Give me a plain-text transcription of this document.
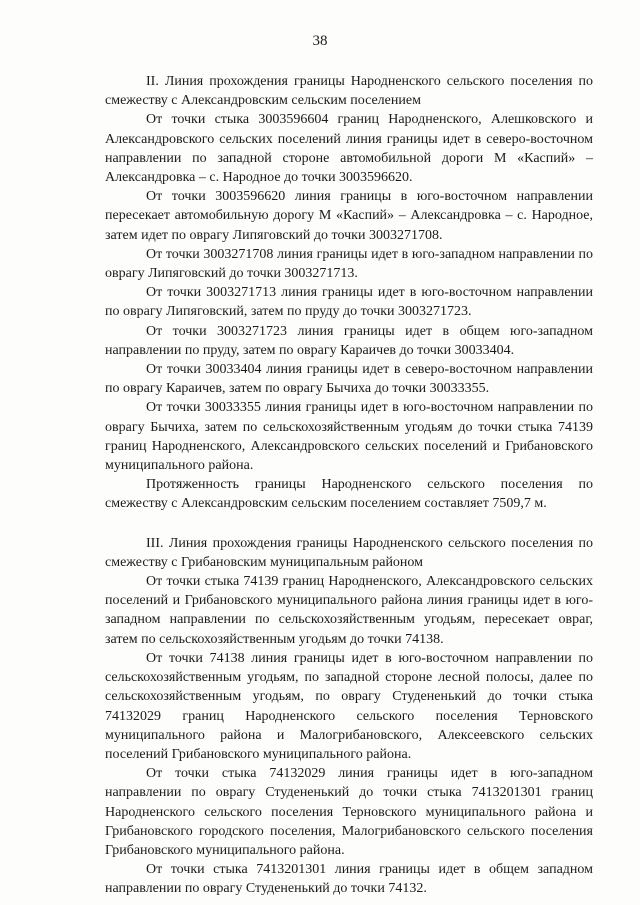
38

II. Линия прохождения границы Народненского сельского поселения по смежеству с Александровским сельским поселением

От точки стыка 3003596604 границ Народненского, Алешковского и Александровского сельских поселений линия границы идет в северо-восточном направлении по западной стороне автомобильной дороги М «Каспий» – Александровка – с. Народное до точки 3003596620.

От точки 3003596620 линия границы в юго-восточном направлении пересекает автомобильную дорогу М «Каспий» – Александровка – с. Народное, затем идет по оврагу Липяговский до точки 3003271708.

От точки 3003271708 линия границы идет в юго-западном направлении по оврагу Липяговский до точки 3003271713.

От точки 3003271713 линия границы идет в юго-восточном направлении по оврагу Липяговский, затем по пруду до точки 3003271723.

От точки 3003271723 линия границы идет в общем юго-западном направлении по пруду, затем по оврагу Караичев до точки 30033404.

От точки 30033404 линия границы идет в северо-восточном направлении по оврагу Караичев, затем по оврагу Бычиха до точки 30033355.

От точки 30033355 линия границы идет в юго-восточном направлении по оврагу Бычиха, затем по сельскохозяйственным угодьям до точки стыка 74139 границ Народненского, Александровского сельских поселений и Грибановского муниципального района.

Протяженность границы Народненского сельского поселения по смежеству с Александровским сельским поселением составляет 7509,7 м.

III. Линия прохождения границы Народненского сельского поселения по смежеству с Грибановским муниципальным районом

От точки стыка 74139 границ Народненского, Александровского сельских поселений и Грибановского муниципального района линия границы идет в юго-западном направлении по сельскохозяйственным угодьям, пересекает овраг, затем по сельскохозяйственным угодьям до точки 74138.

От точки 74138 линия границы идет в юго-восточном направлении по сельскохозяйственным угодьям, по западной стороне лесной полосы, далее по сельскохозяйственным угодьям, по оврагу Студененький до точки стыка 74132029 границ Народненского сельского поселения Терновского муниципального района и Малогрибановского, Алексеевского сельских поселений Грибановского муниципального района.

От точки стыка 74132029 линия границы идет в юго-западном направлении по оврагу Студененький до точки стыка 7413201301 границ Народненского сельского поселения Терновского муниципального района и Грибановского городского поселения, Малогрибановского сельского поселения Грибановского муниципального района.

От точки стыка 7413201301 линия границы идет в общем западном направлении по оврагу Студененький до точки 74132.
